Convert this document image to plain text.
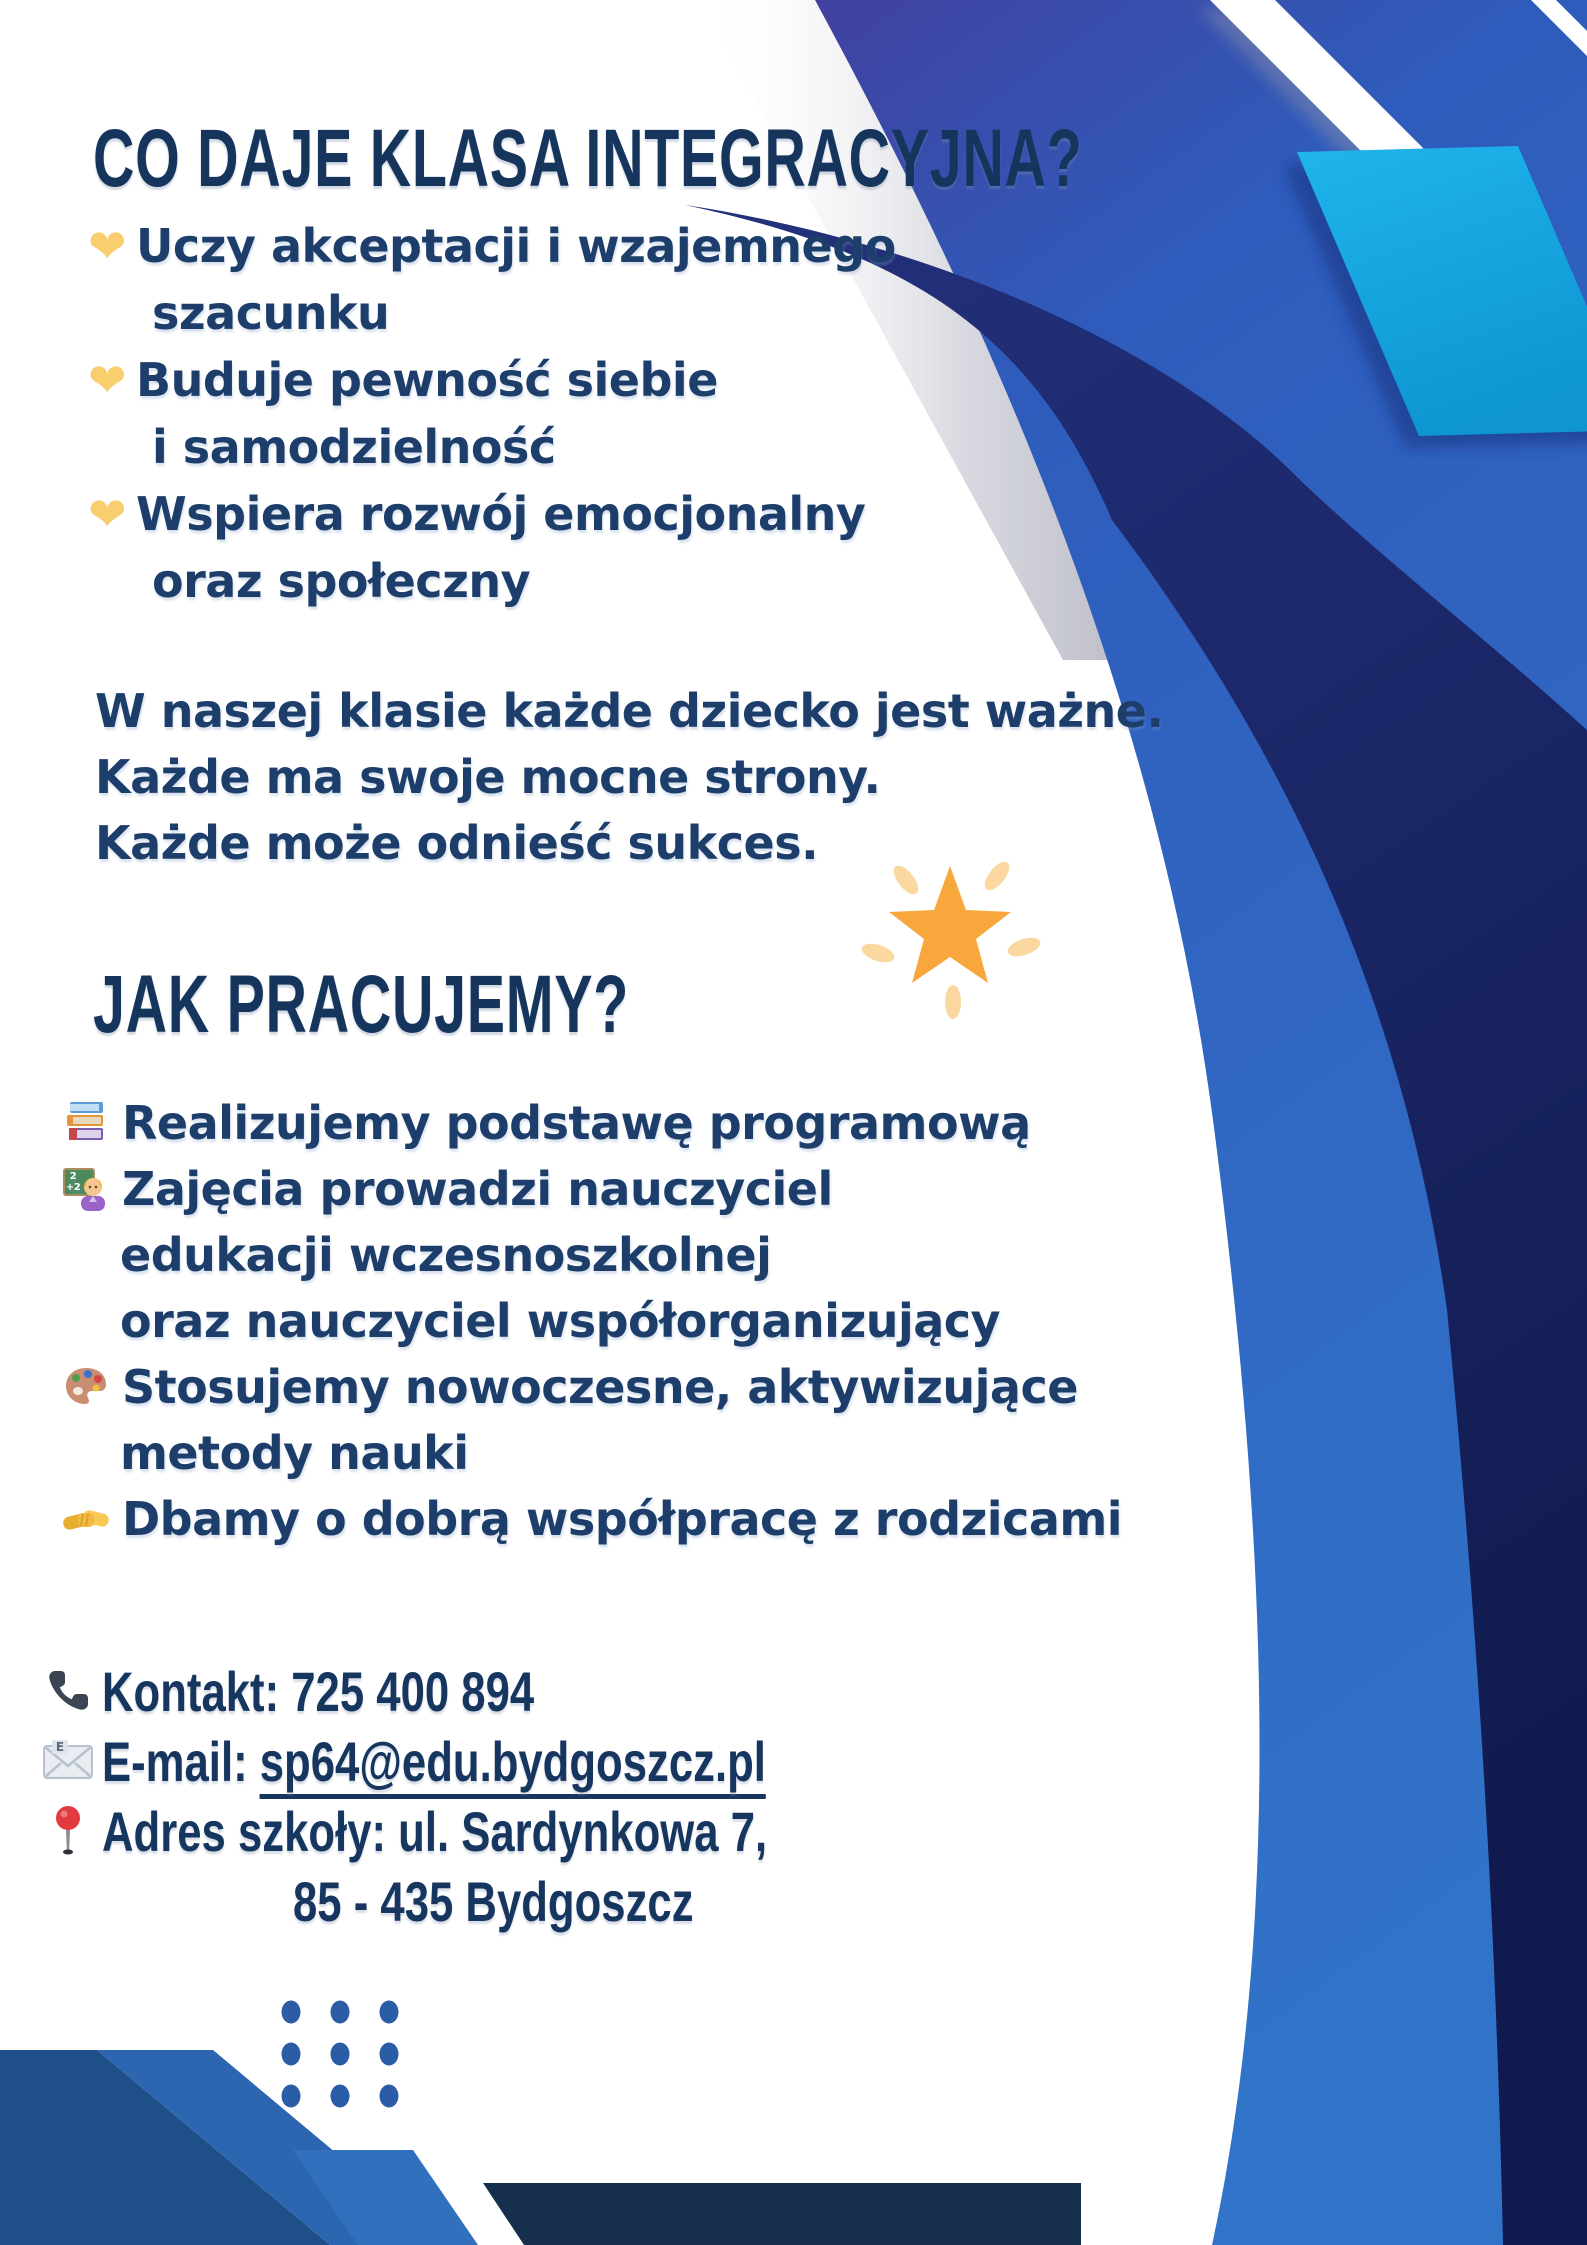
CO DAJE KLASA INTEGRACYJNA?
❤ Uczy akceptacji i wzajemnego
szacunku
❤ Buduje pewność siebie
i samodzielność
❤ Wspiera rozwój emocjonalny
oraz społeczny
W naszej klasie każde dziecko jest ważne.
Każde ma swoje mocne strony.
Każde może odnieść sukces.
JAK PRACUJEMY?
Realizujemy podstawę programową
2
+2 Zajęcia prowadzi nauczyciel
edukacji wczesnoszkolnej
oraz nauczyciel współorganizujący
Stosujemy nowoczesne, aktywizujące
metody nauki
Dbamy o dobrą współpracę z rodzicami
Kontakt: 725 400 894
E E-mail: sp64@edu.bydgoszcz.pl
Adres szkoły: ul. Sardynkowa 7,
85 - 435 Bydgoszcz
